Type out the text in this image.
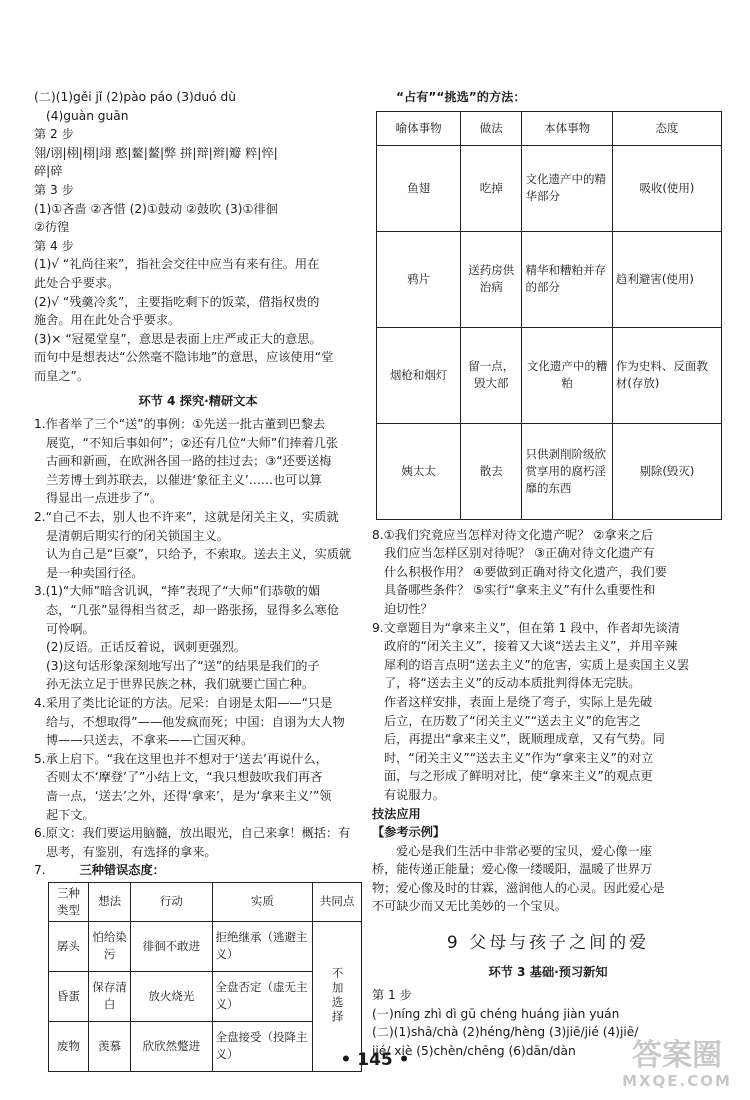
(二)(1)gěi jǐ (2)pào páo (3)duó dù

(4)guàn guān

第 2 步

翎/诩|栩|栩|翊 憨|鳌|鳌|弊 拼|辩|辫|瓣 粹|悴|

碎|碎

第 3 步

(1)①吝啬 ②吝惜 (2)①鼓动 ②鼓吹 (3)①徘徊

②彷徨

第 4 步

(1)√ “礼尚往来”，指社会交往中应当有来有往。用在

此处合乎要求。

(2)√ “残羹冷炙”，主要指吃剩下的饭菜，借指权贵的

施舍。用在此处合乎要求。

(3)× “冠冕堂皇”，意思是表面上庄严或正大的意思。

而句中是想表达“公然毫不隐讳地”的意思，应该使用“堂

而皇之”。

环节 4 探究·精研文本

1.作者举了三个“送”的事例：①先送一批古董到巴黎去

展览，“不知后事如何”；②还有几位“大师”们捧着几张

古画和新画，在欧洲各国一路的挂过去；③“还要送梅

兰芳博士到苏联去，以催进‘象征主义’……也可以算

得显出一点进步了”。

2.“自己不去，别人也不许来”，这就是闭关主义，实质就

是清朝后期实行的闭关锁国主义。

认为自己是“巨豪”，只给予，不索取。送去主义，实质就

是一种卖国行径。

3.(1)“大师”暗含讥讽，“捧”表现了“大师”们恭敬的媚

态，“几张”显得相当贫乏，却一路张扬，显得多么寒伧

可怜啊。

(2)反语。正话反着说，讽刺更强烈。

(3)这句话形象深刻地写出了“送”的结果是我们的子

孙无法立足于世界民族之林，我们就要亡国亡种。

4.采用了类比论证的方法。尼采：自诩是太阳——“只是

给与，不想取得”——他发疯而死；中国：自诩为大人物

博——只送去，不拿来——亡国灭种。

5.承上启下。“我在这里也并不想对于‘送去’再说什么，

否则太不‘摩登’了”小结上文，“我只想鼓吹我们再吝

啬一点，‘送去’之外，还得‘拿来’，是为‘拿来主义’”领

起下文。

6.原文：我们要运用脑髓，放出眼光，自己来拿！概括：有

思考，有鉴别，有选择的拿来。

7.	三种错误态度：

三种类型	想法	行动	实质	共同点
孱头	怕给染污	徘徊不敢进	拒绝继承（逃避主义）	不加选择

昏蛋	保存清白	放火烧光	全盘否定（虚无主义）	
废物	羡慕	欣欣然蹩进	全盘接受（投降主义）	

“占有”“挑选”的方法：

喻体事物	做法	本体事物	态度
鱼翅	吃掉	文化遗产中的精华部分	吸收(使用)
鸦片	送药房供治病	精华和糟粕并存的部分	趋利避害(使用)
烟枪和烟灯	留一点，毁大部	文化遗产中的糟粕	作为史料、反面教材(存放)
姨太太	散去	只供剥削阶级欣赏享用的腐朽淫靡的东西	剔除(毁灭)

8.①我们究竟应当怎样对待文化遗产呢？ ②拿来之后

我们应当怎样区别对待呢？ ③正确对待文化遗产有

什么积极作用？ ④要做到正确对待文化遗产，我们要

具备哪些条件？ ⑤实行“拿来主义”有什么重要性和

迫切性？

9.文章题目为“拿来主义”，但在第 1 段中，作者却先谈清

政府的“闭关主义”，接着又大谈“送去主义”，并用辛辣

犀利的语言点明“送去主义”的危害，实质上是卖国主义罢

了，将“送去主义”的反动本质批判得体无完肤。

作者这样安排，表面上是绕了弯子，实际上是先破

后立，在历数了“闭关主义”“送去主义”的危害之

后，再提出“拿来主义”，既顺理成章，又有气势。同

时，“闭关主义”“送去主义”作为“拿来主义”的对立

面，与之形成了鲜明对比，使“拿来主义”的观点更

有说服力。

技法应用

【参考示例】

爱心是我们生活中非常必要的宝贝，爱心像一座

桥，能传递正能量；爱心像一缕暖阳，温暖了世界万

物；爱心像及时的甘霖，滋润他人的心灵。因此爱心是

不可缺少而又无比美妙的一个宝贝。

9 父母与孩子之间的爱

环节 3 基础·预习新知

第 1 步

(一)níng zhì dì gū chéng huáng jiàn yuán

(二)(1)shā/chà (2)héng/hèng (3)jiē/jié (4)jiē/

jié/ xiè (5)chèn/chēng (6)dān/dàn

• 145 •	答案圈
MXQE.COM
